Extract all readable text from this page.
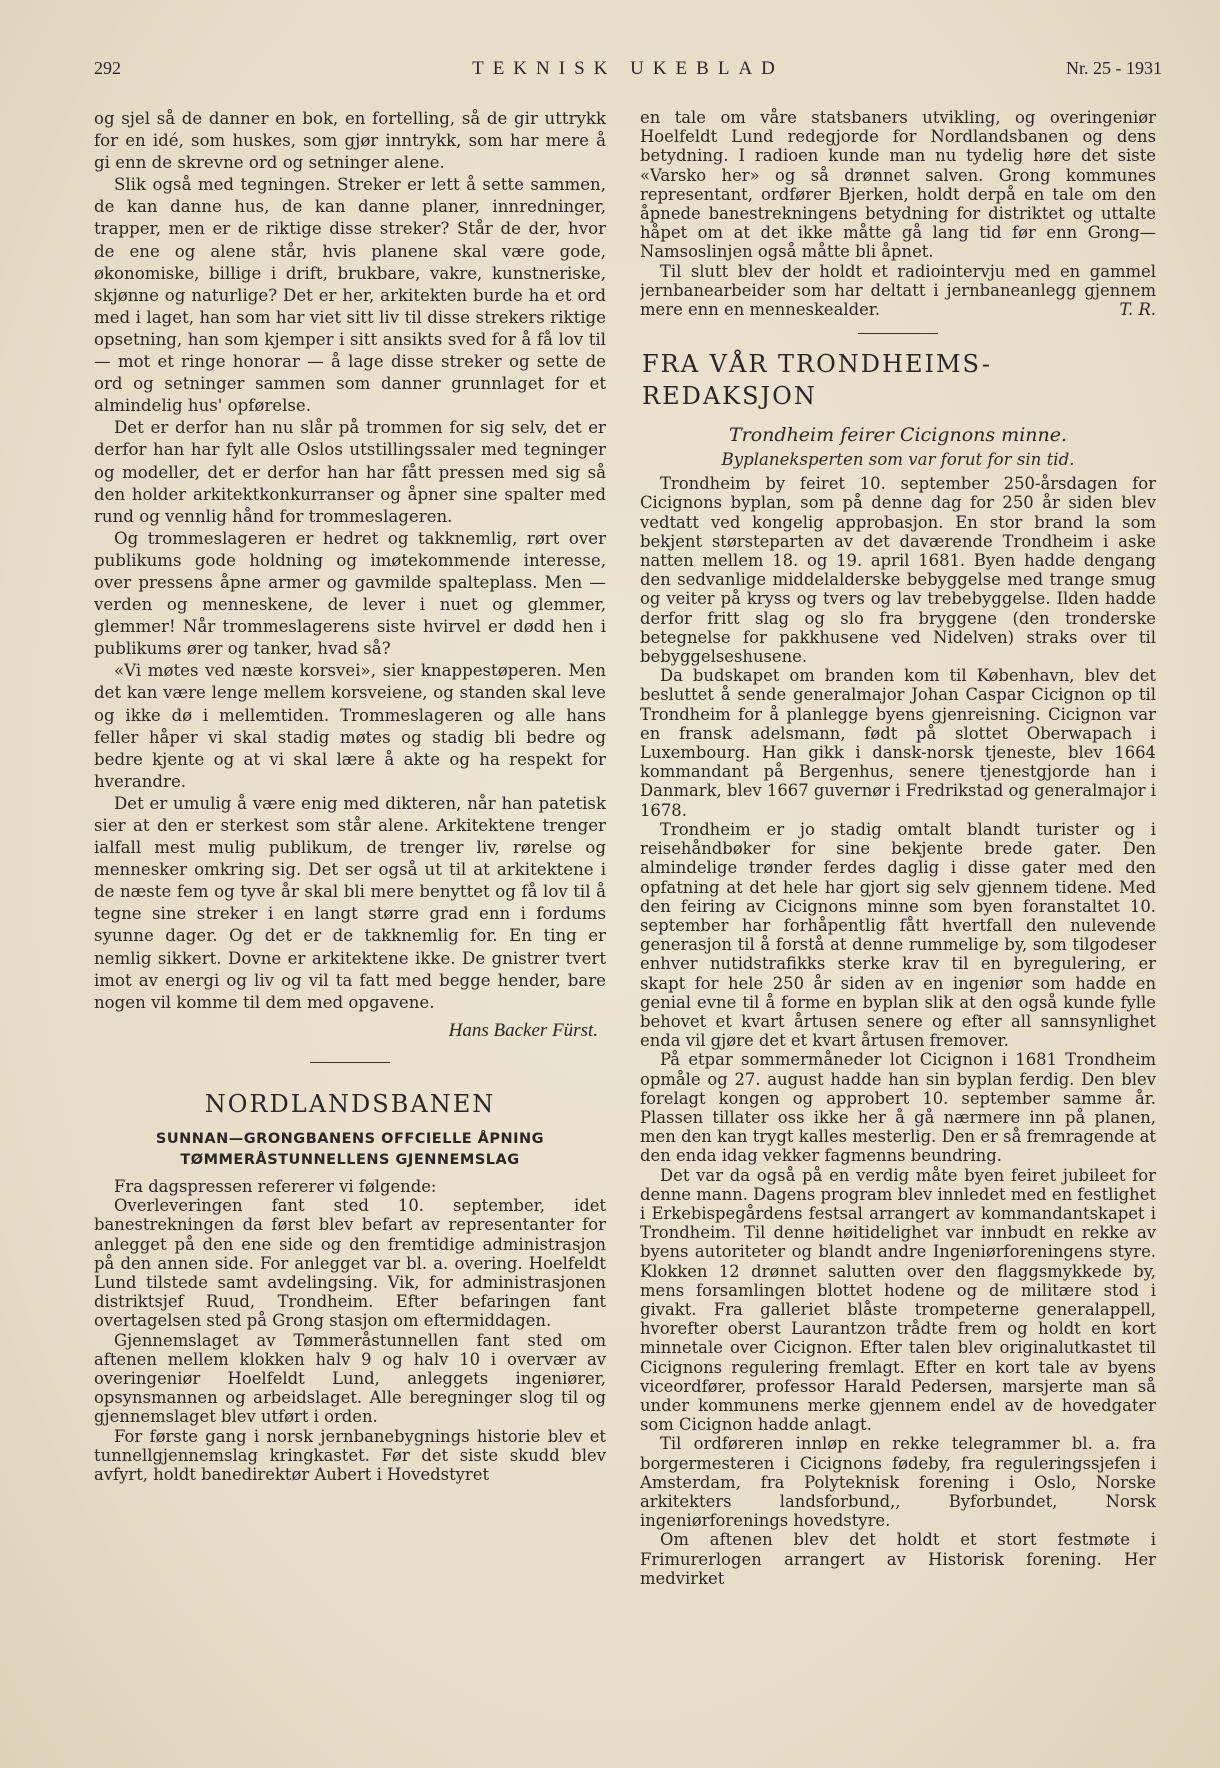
292	TEKNISK UKEBLAD	Nr. 25 - 1931

og sjel så de danner en bok, en fortelling, så de gir uttrykk for en idé, som huskes, som gjør inntrykk, som har mere å gi enn de skrevne ord og setninger alene.

Slik også med tegningen. Streker er lett å sette sammen, de kan danne hus, de kan danne planer, innredninger, trapper, men er de riktige disse streker? Står de der, hvor de ene og alene står, hvis planene skal være gode, økonomiske, billige i drift, brukbare, vakre, kunstneriske, skjønne og naturlige? Det er her, arkitekten burde ha et ord med i laget, han som har viet sitt liv til disse strekers riktige opsetning, han som kjemper i sitt ansikts sved for å få lov til — mot et ringe honorar — å lage disse streker og sette de ord og setninger sammen som danner grunnlaget for et almindelig hus' opførelse.

Det er derfor han nu slår på trommen for sig selv, det er derfor han har fylt alle Oslos utstillingssaler med tegninger og modeller, det er derfor han har fått pressen med sig så den holder arkitektkonkurranser og åpner sine spalter med rund og vennlig hånd for trommeslageren.

Og trommeslageren er hedret og takknemlig, rørt over publikums gode holdning og imøtekommende interesse, over pressens åpne armer og gavmilde spalteplass. Men — verden og menneskene, de lever i nuet og glemmer, glemmer! Når trommeslagerens siste hvirvel er dødd hen i publikums ører og tanker, hvad så?

«Vi møtes ved næste korsvei», sier knappestøperen. Men det kan være lenge mellem korsveiene, og standen skal leve og ikke dø i mellemtiden. Trommeslageren og alle hans feller håper vi skal stadig møtes og stadig bli bedre og bedre kjente og at vi skal lære å akte og ha respekt for hverandre.

Det er umulig å være enig med dikteren, når han patetisk sier at den er sterkest som står alene. Arkitektene trenger ialfall mest mulig publikum, de trenger liv, rørelse og mennesker omkring sig. Det ser også ut til at arkitektene i de næste fem og tyve år skal bli mere benyttet og få lov til å tegne sine streker i en langt større grad enn i fordums syunne dager. Og det er de takknemlig for. En ting er nemlig sikkert. Dovne er arkitektene ikke. De gnistrer tvert imot av energi og liv og vil ta fatt med begge hender, bare nogen vil komme til dem med opgavene.

Hans Backer Fürst.
NORDLANDSBANEN
SUNNAN—GRONGBANENS OFFCIELLE ÅPNING
TØMMERÅSTUNNELLENS GJENNEMSLAG

Fra dagspressen refererer vi følgende:

Overleveringen fant sted 10. september, idet banestrekningen da først blev befart av representanter for anlegget på den ene side og den fremtidige administrasjon på den annen side. For anlegget var bl. a. overing. Hoelfeldt Lund tilstede samt avdelingsing. Vik, for administrasjonen distriktsjef Ruud, Trondheim. Efter befaringen fant overtagelsen sted på Grong stasjon om eftermiddagen.

Gjennemslaget av Tømmeråstunnellen fant sted om aftenen mellem klokken halv 9 og halv 10 i overvær av overingeniør Hoelfeldt Lund, anleggets ingeniører, opsynsmannen og arbeidslaget. Alle beregninger slog til og gjennemslaget blev utført i orden.

For første gang i norsk jernbanebygnings historie blev et tunnellgjennemslag kringkastet. Før det siste skudd blev avfyrt, holdt banedirektør Aubert i Hovedstyret

en tale om våre statsbaners utvikling, og overingeniør Hoelfeldt Lund redegjorde for Nordlandsbanen og dens betydning. I radioen kunde man nu tydelig høre det siste «Varsko her» og så drønnet salven. Grong kommunes representant, ordfører Bjerken, holdt derpå en tale om den åpnede banestrekningens betydning for distriktet og uttalte håpet om at det ikke måtte gå lang tid før enn Grong—Namsoslinjen også måtte bli åpnet.

Til slutt blev der holdt et radiointervju med en gammel jernbanearbeider som har deltatt i jernbaneanlegg gjennem mere enn en menneskealder.	T. R.

FRA VÅR TRONDHEIMS-REDAKSJON
Trondheim feirer Cicignons minne.
Byplaneksperten som var forut for sin tid.

Trondheim by feiret 10. september 250-årsdagen for Cicignons byplan, som på denne dag for 250 år siden blev vedtatt ved kongelig approbasjon. En stor brand la som bekjent størsteparten av det daværende Trondheim i aske natten mellem 18. og 19. april 1681. Byen hadde dengang den sedvanlige middelalderske bebyggelse med trange smug og veiter på kryss og tvers og lav trebebyggelse. Ilden hadde derfor fritt slag og slo fra bryggene (den tronderske betegnelse for pakkhusene ved Nidelven) straks over til bebyggelseshusene.

Da budskapet om branden kom til København, blev det besluttet å sende generalmajor Johan Caspar Cicignon op til Trondheim for å planlegge byens gjenreisning. Cicignon var en fransk adelsmann, født på slottet Oberwapach i Luxembourg. Han gikk i dansk-norsk tjeneste, blev 1664 kommandant på Bergenhus, senere tjenestgjorde han i Danmark, blev 1667 guvernør i Fredrikstad og generalmajor i 1678.

Trondheim er jo stadig omtalt blandt turister og i reisehåndbøker for sine bekjente brede gater. Den almindelige trønder ferdes daglig i disse gater med den opfatning at det hele har gjort sig selv gjennem tidene. Med den feiring av Cicignons minne som byen foranstaltet 10. september har forhåpentlig fått hvertfall den nulevende generasjon til å forstå at denne rummelige by, som tilgodeser enhver nutidstrafikks sterke krav til en byregulering, er skapt for hele 250 år siden av en ingeniør som hadde en genial evne til å forme en byplan slik at den også kunde fylle behovet et kvart årtusen senere og efter all sannsynlighet enda vil gjøre det et kvart årtusen fremover.

På etpar sommermåneder lot Cicignon i 1681 Trondheim opmåle og 27. august hadde han sin byplan ferdig. Den blev forelagt kongen og approbert 10. september samme år. Plassen tillater oss ikke her å gå nærmere inn på planen, men den kan trygt kalles mesterlig. Den er så fremragende at den enda idag vekker fagmenns beundring.

Det var da også på en verdig måte byen feiret jubileet for denne mann. Dagens program blev innledet med en festlighet i Erkebispegårdens festsal arrangert av kommandantskapet i Trondheim. Til denne høitidelighet var innbudt en rekke av byens autoriteter og blandt andre Ingeniørforeningens styre. Klokken 12 drønnet salutten over den flaggsmykkede by, mens forsamlingen blottet hodene og de militære stod i givakt. Fra galleriet blåste trompeterne generalappell, hvorefter oberst Laurantzon trådte frem og holdt en kort minnetale over Cicignon. Efter talen blev originalutkastet til Cicignons regulering fremlagt. Efter en kort tale av byens viceordfører, professor Harald Pedersen, marsjerte man så under kommunens merke gjennem endel av de hovedgater som Cicignon hadde anlagt.

Til ordføreren innløp en rekke telegrammer bl. a. fra borgermesteren i Cicignons fødeby, fra reguleringssjefen i Amsterdam, fra Polyteknisk forening i Oslo, Norske arkitekters landsforbund,, Byforbundet, Norsk ingeniørforenings hovedstyre.

Om aftenen blev det holdt et stort festmøte i Frimurerlogen arrangert av Historisk forening. Her medvirket
